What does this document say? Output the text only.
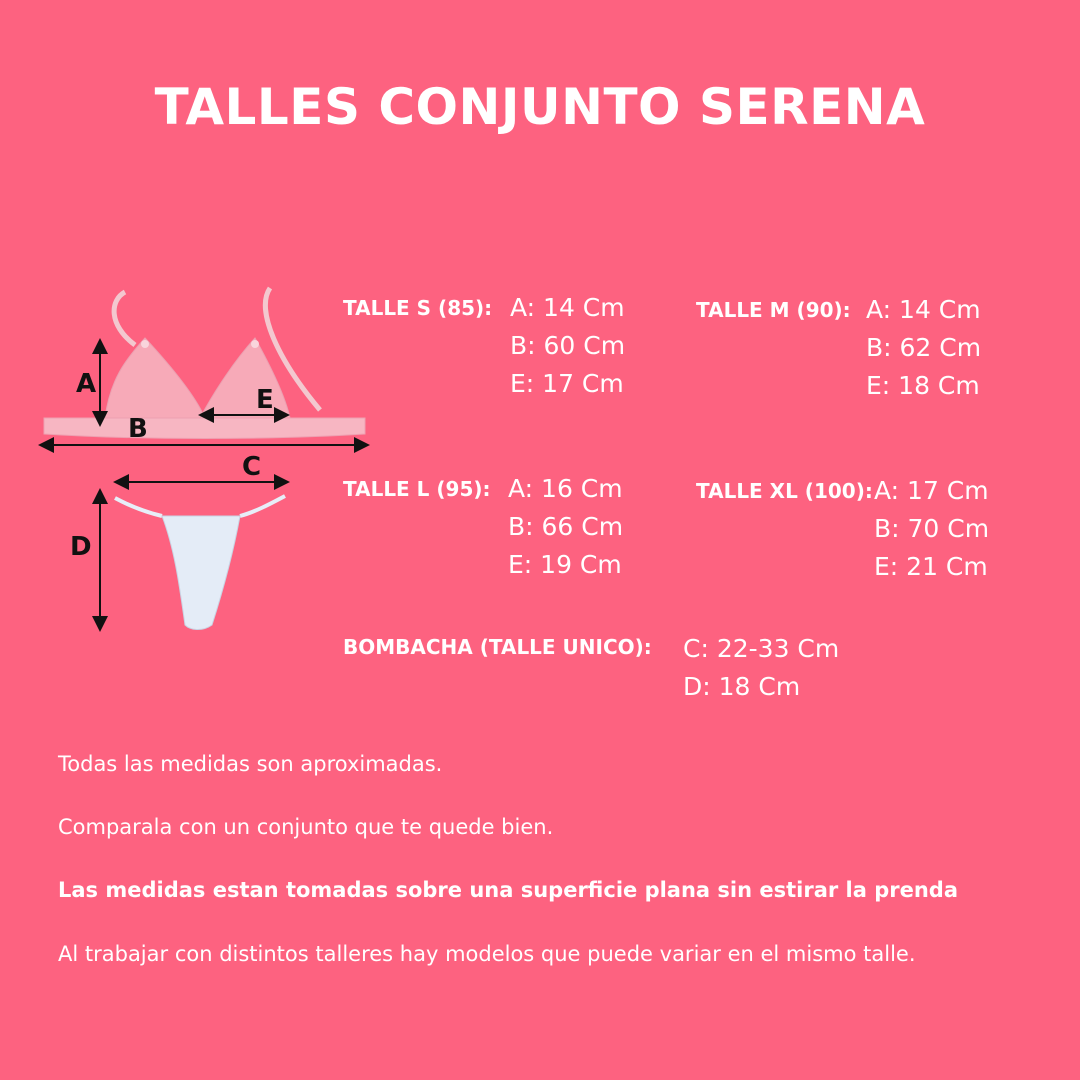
TALLES CONJUNTO SERENA
A
B
E
C
D
TALLE S (85): A: 14 Cm
B: 60 Cm
E: 17 Cm
TALLE M (90): A: 14 Cm
B: 62 Cm
E: 18 Cm
TALLE L (95): A: 16 Cm
B: 66 Cm
E: 19 Cm
TALLE XL (100): A: 17 Cm
B: 70 Cm
E: 21 Cm
BOMBACHA (TALLE UNICO): C: 22-33 Cm
D: 18 Cm

Todas las medidas son aproximadas.

Comparala con un conjunto que te quede bien.

Las medidas estan tomadas sobre una superficie plana sin estirar la prenda

Al trabajar con distintos talleres hay modelos que puede variar en el mismo talle.
